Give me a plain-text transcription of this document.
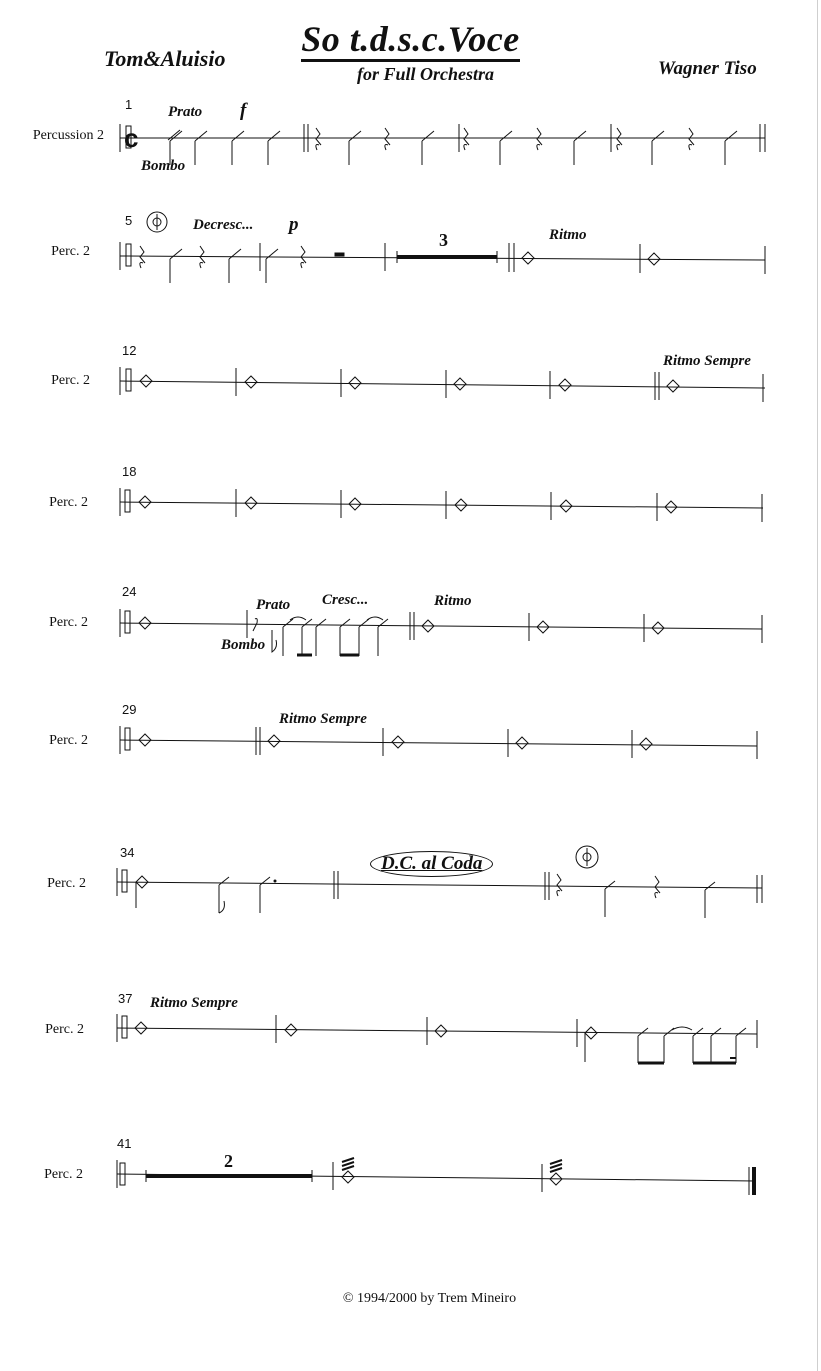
So t.d.s.c.Voce
for Full Orchestra
Tom&Aluisio	Wagner Tiso
Percussion 2
1
Perc. 2
5
Perc. 2
12
Perc. 2
18
Perc. 2
24
Perc. 2
29
Perc. 2
34
Perc. 2
37
Perc. 2
41
Prato f
Bombo
c
Decresc... p
3	Ritmo
Ritmo Sempre
Prato Cresc...	Ritmo
Bombo
Ritmo Sempre
D.C. al Coda
Ritmo Sempre
2
© 1994/2000 by Trem Mineiro
